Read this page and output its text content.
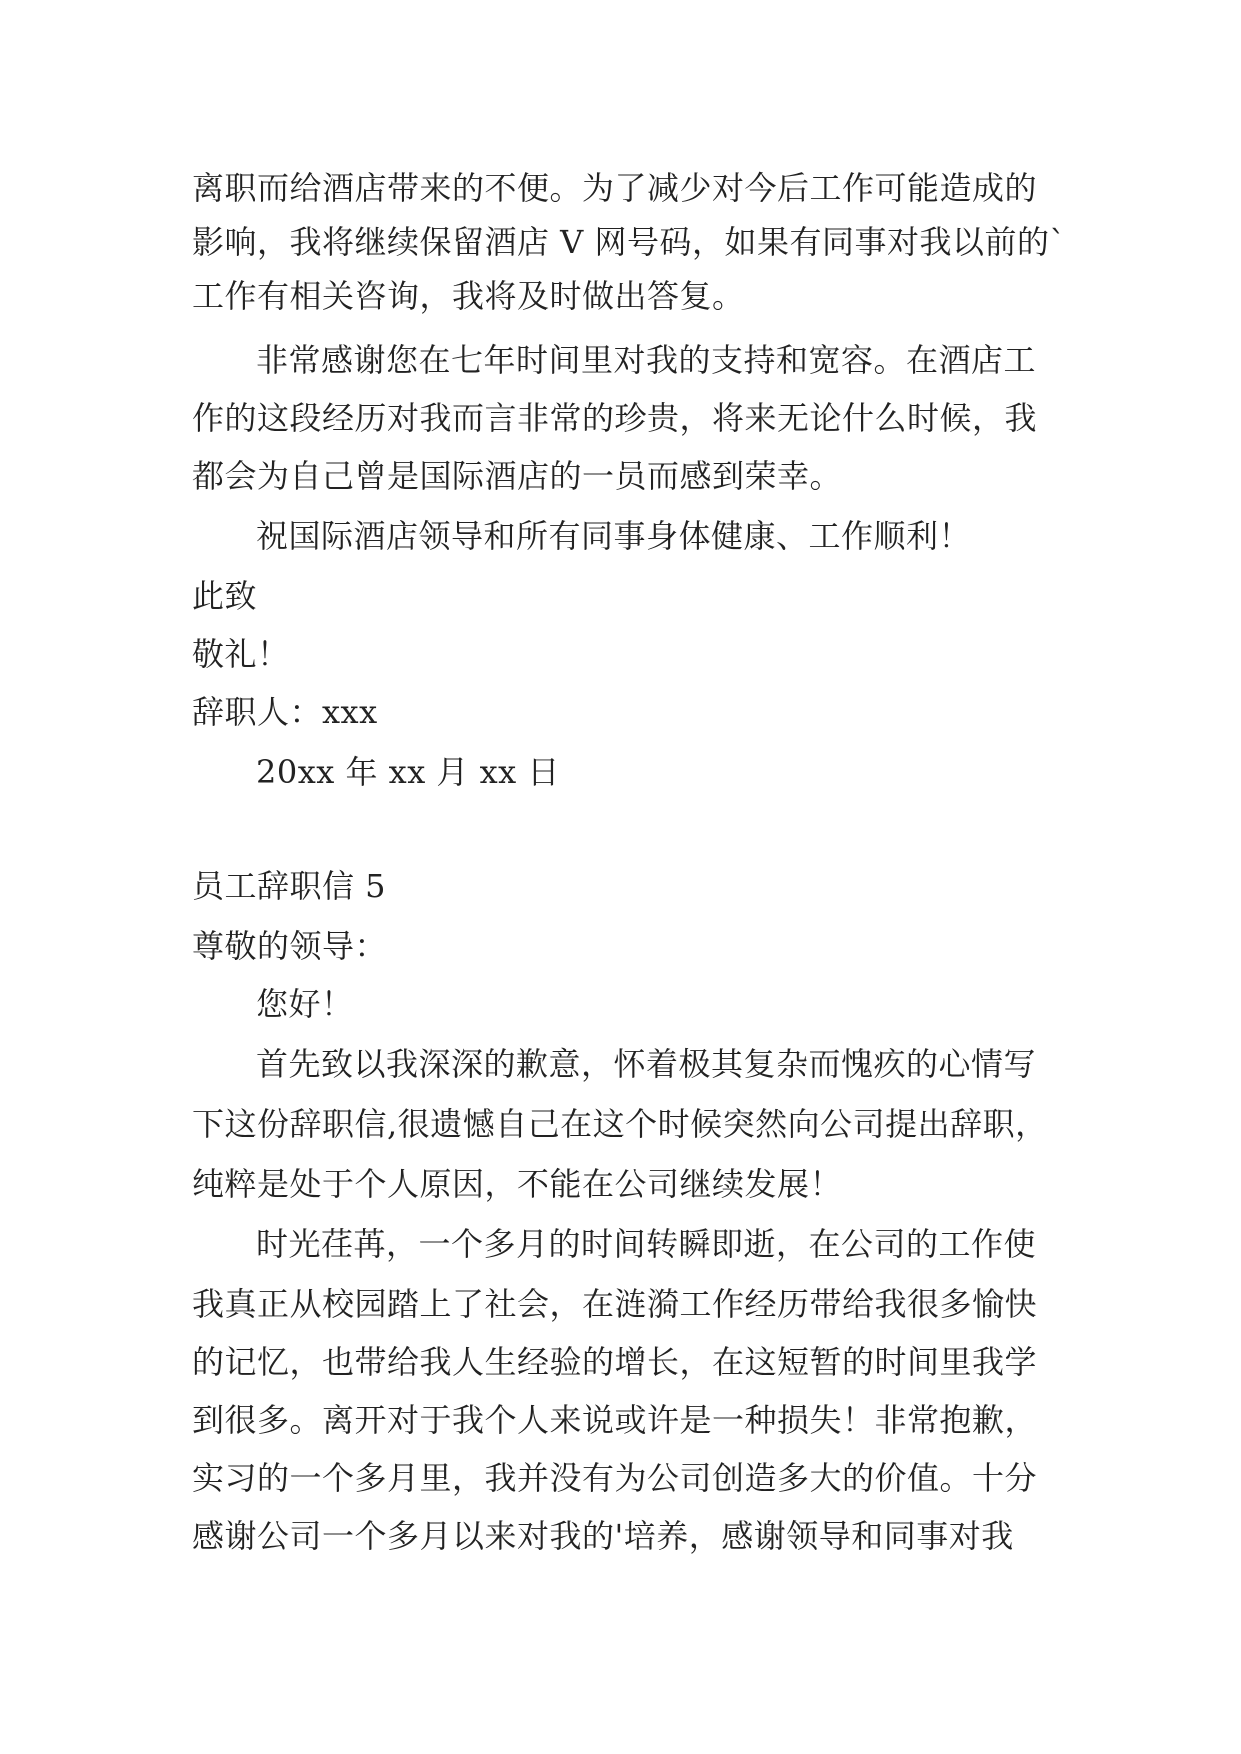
离职而给酒店带来的不便。为了减少对今后工作可能造成的
影响，我将继续保留酒店 V 网号码，如果有同事对我以前的`
工作有相关咨询，我将及时做出答复。
非常感谢您在七年时间里对我的支持和宽容。在酒店工
作的这段经历对我而言非常的珍贵，将来无论什么时候，我
都会为自己曾是国际酒店的一员而感到荣幸。
祝国际酒店领导和所有同事身体健康、工作顺利！
此致
敬礼！
辞职人：xxx
20xx 年 xx 月 xx 日
员工辞职信 5
尊敬的领导：
您好！
首先致以我深深的歉意，怀着极其复杂而愧疚的心情写
下这份辞职信,很遗憾自己在这个时候突然向公司提出辞职，
纯粹是处于个人原因，不能在公司继续发展！
时光荏苒，一个多月的时间转瞬即逝，在公司的工作使
我真正从校园踏上了社会，在涟漪工作经历带给我很多愉快
的记忆，也带给我人生经验的增长，在这短暂的时间里我学
到很多。离开对于我个人来说或许是一种损失！非常抱歉，
实习的一个多月里，我并没有为公司创造多大的价值。十分
感谢公司一个多月以来对我的'培养，感谢领导和同事对我
